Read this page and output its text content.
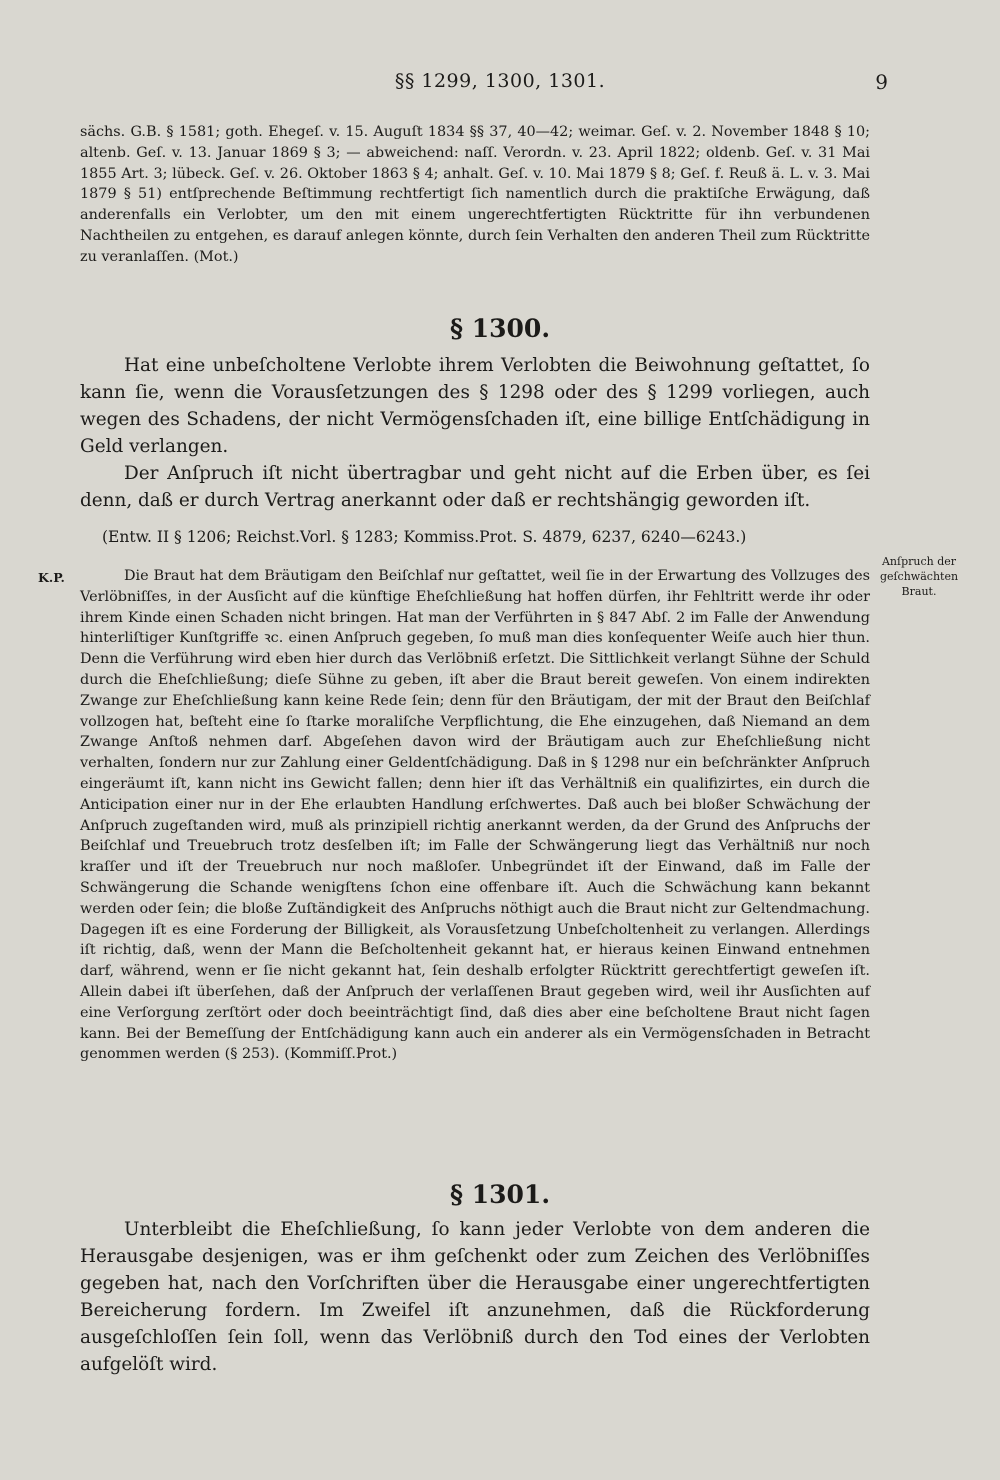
§§ 1299, 1300, 1301.	9
sächs. G.B. § 1581; goth. Ehegeſ. v. 15. Auguſt 1834 §§ 37, 40—42; weimar. Geſ. v. 2. November 1848 § 10; altenb. Geſ. v. 13. Januar 1869 § 3; — abweichend: naſſ. Verordn. v. 23. April 1822; oldenb. Geſ. v. 31 Mai 1855 Art. 3; lübeck. Geſ. v. 26. Oktober 1863 § 4; anhalt. Geſ. v. 10. Mai 1879 § 8; Geſ. f. Reuß ä. L. v. 3. Mai 1879 § 51) entſprechende Beſtimmung rechtfertigt ſich namentlich durch die praktiſche Erwägung, daß anderenfalls ein Verlobter, um den mit einem ungerechtfertigten Rücktritte für ihn verbundenen Nachtheilen zu entgehen, es darauf anlegen könnte, durch ſein Verhalten den anderen Theil zum Rücktritte zu veranlaſſen. (Mot.)
§ 1300.
Hat eine unbeſcholtene Verlobte ihrem Verlobten die Beiwohnung geſtattet, ſo kann ſie, wenn die Vorausſetzungen des § 1298 oder des § 1299 vorliegen, auch wegen des Schadens, der nicht Vermögensſchaden iſt, eine billige Entſchädigung in Geld verlangen.
Der Anſpruch iſt nicht übertragbar und geht nicht auf die Erben über, es ſei denn, daß er durch Vertrag anerkannt oder daß er rechtshängig geworden iſt.
(Entw. II § 1206; Reichst.Vorl. § 1283; Kommiss.Prot. S. 4879, 6237, 6240—6243.)
K.P.
Anſpruch der geſchwächten Braut.
Die Braut hat dem Bräutigam den Beiſchlaf nur geſtattet, weil ſie in der Erwartung des Vollzuges des Verlöbniſſes, in der Ausſicht auf die künftige Eheſchließung hat hoffen dürfen, ihr Fehltritt werde ihr oder ihrem Kinde einen Schaden nicht bringen. Hat man der Verführten in § 847 Abſ. 2 im Falle der Anwendung hinterliſtiger Kunſtgriffe ꝛc. einen Anſpruch gegeben, ſo muß man dies konſequenter Weiſe auch hier thun. Denn die Verführung wird eben hier durch das Verlöbniß erſetzt. Die Sittlichkeit verlangt Sühne der Schuld durch die Eheſchließung; dieſe Sühne zu geben, iſt aber die Braut bereit geweſen. Von einem indirekten Zwange zur Eheſchließung kann keine Rede ſein; denn für den Bräutigam, der mit der Braut den Beiſchlaf vollzogen hat, beſteht eine ſo ſtarke moraliſche Verpflichtung, die Ehe einzugehen, daß Niemand an dem Zwange Anſtoß nehmen darf. Abgeſehen davon wird der Bräutigam auch zur Eheſchließung nicht verhalten, ſondern nur zur Zahlung einer Geldentſchädigung. Daß in § 1298 nur ein beſchränkter Anſpruch eingeräumt iſt, kann nicht ins Gewicht fallen; denn hier iſt das Verhältniß ein qualifizirtes, ein durch die Anticipation einer nur in der Ehe erlaubten Handlung erſchwertes. Daß auch bei bloßer Schwächung der Anſpruch zugeſtanden wird, muß als prinzipiell richtig anerkannt werden, da der Grund des Anſpruchs der Beiſchlaf und Treuebruch trotz desſelben iſt; im Falle der Schwängerung liegt das Verhältniß nur noch kraſſer und iſt der Treuebruch nur noch maßloſer. Unbegründet iſt der Einwand, daß im Falle der Schwängerung die Schande wenigſtens ſchon eine offenbare iſt. Auch die Schwächung kann bekannt werden oder ſein; die bloße Zuſtändigkeit des Anſpruchs nöthigt auch die Braut nicht zur Geltendmachung. Dagegen iſt es eine Forderung der Billigkeit, als Vorausſetzung Unbeſcholtenheit zu verlangen. Allerdings iſt richtig, daß, wenn der Mann die Beſcholtenheit gekannt hat, er hieraus keinen Einwand entnehmen darf, während, wenn er ſie nicht gekannt hat, ſein deshalb erfolgter Rücktritt gerechtfertigt geweſen iſt. Allein dabei iſt überſehen, daß der Anſpruch der verlaſſenen Braut gegeben wird, weil ihr Ausſichten auf eine Verſorgung zerſtört oder doch beeinträchtigt ſind, daß dies aber eine beſcholtene Braut nicht ſagen kann. Bei der Bemeſſung der Entſchädigung kann auch ein anderer als ein Vermögensſchaden in Betracht genommen werden (§ 253). (Kommiſſ.Prot.)
§ 1301.
Unterbleibt die Eheſchließung, ſo kann jeder Verlobte von dem anderen die Herausgabe desjenigen, was er ihm geſchenkt oder zum Zeichen des Verlöbniſſes gegeben hat, nach den Vorſchriften über die Herausgabe einer ungerechtfertigten Bereicherung fordern. Im Zweifel iſt anzunehmen, daß die Rückforderung ausgeſchloſſen ſein ſoll, wenn das Verlöbniß durch den Tod eines der Verlobten aufgelöſt wird.
